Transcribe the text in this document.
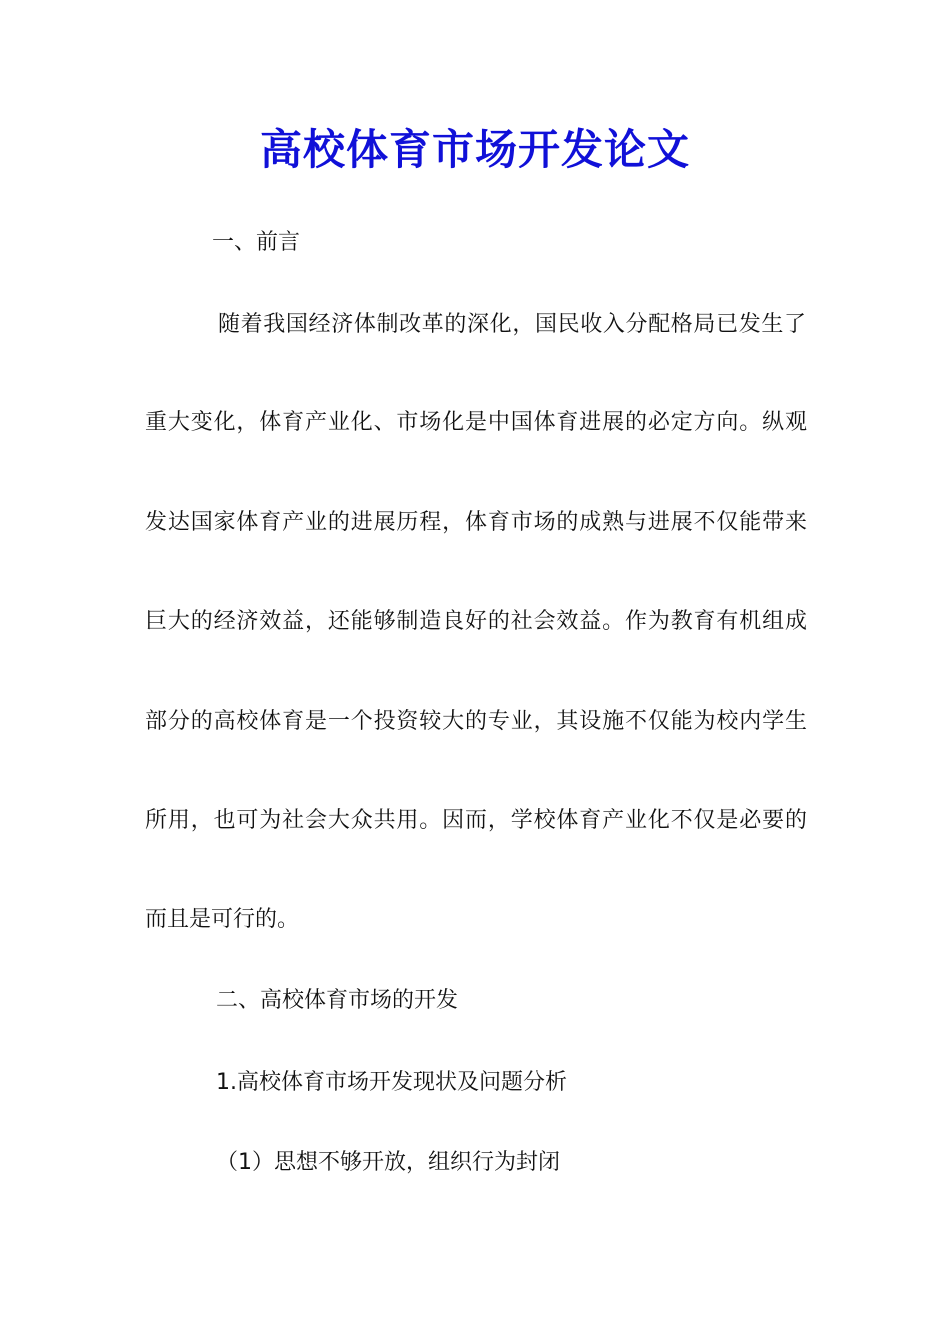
高校体育市场开发论文

一、前言

随着我国经济体制改革的深化，国民收入分配格局已发生了

重大变化，体育产业化、市场化是中国体育进展的必定方向。纵观

发达国家体育产业的进展历程，体育市场的成熟与进展不仅能带来

巨大的经济效益，还能够制造良好的社会效益。作为教育有机组成

部分的高校体育是一个投资较大的专业，其设施不仅能为校内学生

所用，也可为社会大众共用。因而，学校体育产业化不仅是必要的

而且是可行的。

二、高校体育市场的开发

1.高校体育市场开发现状及问题分析

（1）思想不够开放，组织行为封闭
